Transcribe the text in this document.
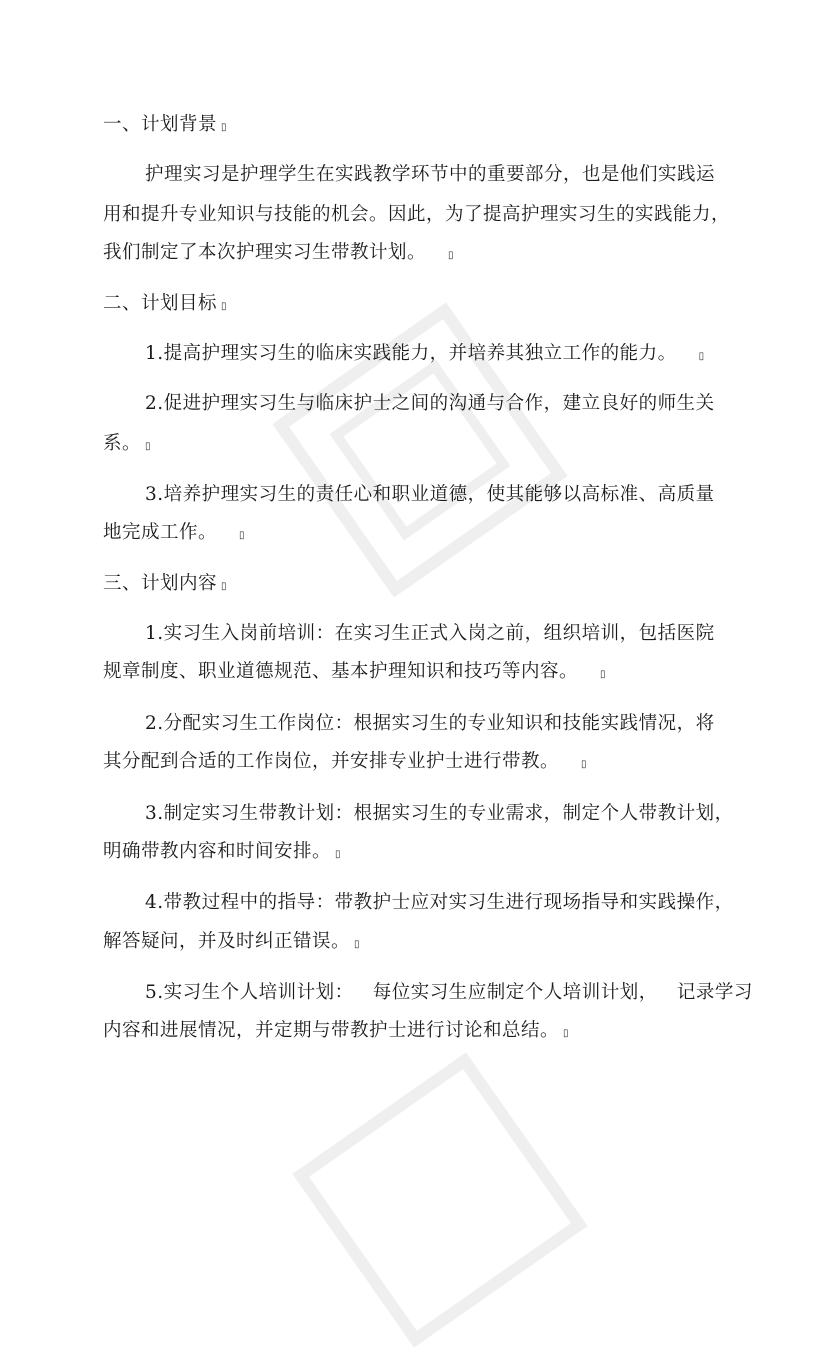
一、计划背景 ▯
护理实习是护理学生在实践教学环节中的重要部分，也是他们实践运
用和提升专业知识与技能的机会。因此，为了提高护理实习生的实践能力，
我们制定了本次护理实习生带教计划。 ▯
二、计划目标 ▯
1.提高护理实习生的临床实践能力，并培养其独立工作的能力。 ▯
2.促进护理实习生与临床护士之间的沟通与合作，建立良好的师生关
系。 ▯
3.培养护理实习生的责任心和职业道德，使其能够以高标准、高质量
地完成工作。 ▯
三、计划内容 ▯
1.实习生入岗前培训：在实习生正式入岗之前，组织培训，包括医院
规章制度、职业道德规范、基本护理知识和技巧等内容。 ▯
2.分配实习生工作岗位：根据实习生的专业知识和技能实践情况，将
其分配到合适的工作岗位，并安排专业护士进行带教。 ▯
3.制定实习生带教计划：根据实习生的专业需求，制定个人带教计划，
明确带教内容和时间安排。 ▯
4.带教过程中的指导：带教护士应对实习生进行现场指导和实践操作，
解答疑问，并及时纠正错误。 ▯
5.实习生个人培训计划：   每位实习生应制定个人培训计划，   记录学习
内容和进展情况，并定期与带教护士进行讨论和总结。 ▯
